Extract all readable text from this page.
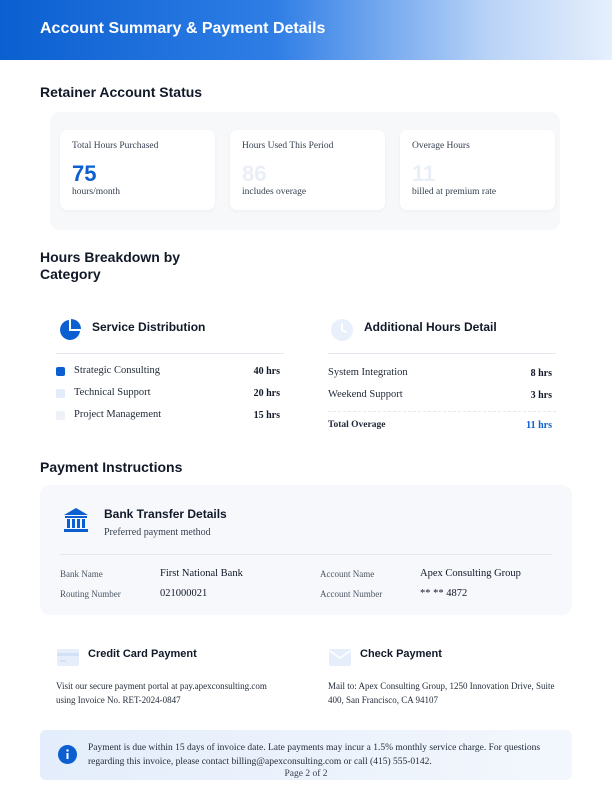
Account Summary & Payment Details
Retainer Account Status
Total Hours Purchased
75
hours/month
Hours Used This Period
86
includes overage
Overage Hours
11
billed at premium rate
Hours Breakdown by
Category
Service Distribution
Strategic Consulting	40 hrs
Technical Support	20 hrs
Project Management	15 hrs
Additional Hours Detail
System Integration	8 hrs
Weekend Support	3 hrs
Total Overage	11 hrs
Payment Instructions
Bank Transfer Details
Preferred payment method
Bank Name	First National Bank
Routing Number	021000021
Account Name	Apex Consulting Group
Account Number	** ** 4872
Credit Card Payment
Visit our secure payment portal at pay.apexconsulting.com using Invoice No. RET-2024-0847
Check Payment
Mail to: Apex Consulting Group, 1250 Innovation Drive, Suite 400, San Francisco, CA 94107
Payment is due within 15 days of invoice date. Late payments may incur a 1.5% monthly service charge. For questions regarding this invoice, please contact billing@apexconsulting.com or call (415) 555-0142.
Page 2 of 2
